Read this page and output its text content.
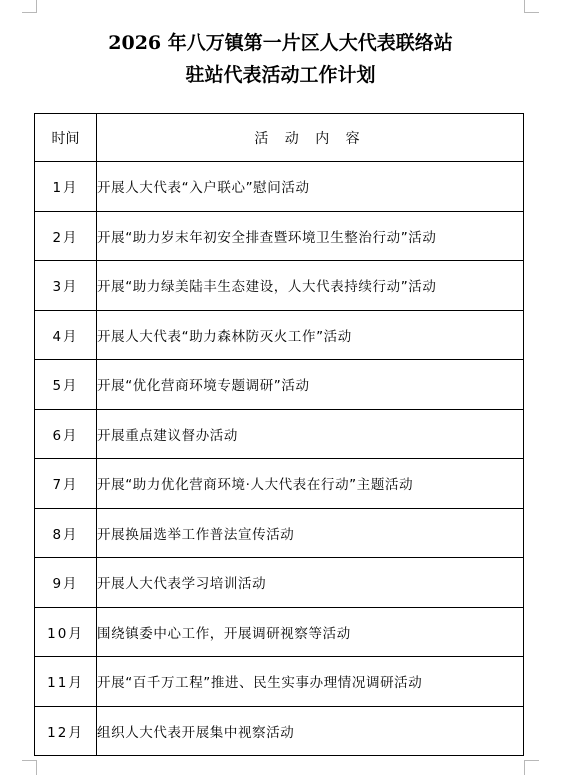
2026 年八万镇第一片区人大代表联络站
驻站代表活动工作计划
时间	活 动 内 容
1月	开展人大代表“入户联心”慰问活动
2月	开展“助力岁末年初安全排查暨环境卫生整治行动”活动
3月	开展“助力绿美陆丰生态建设，人大代表持续行动”活动
4月	开展人大代表“助力森林防灭火工作”活动
5月	开展“优化营商环境专题调研”活动
6月	开展重点建议督办活动
7月	开展“助力优化营商环境·人大代表在行动”主题活动
8月	开展换届选举工作普法宣传活动
9月	开展人大代表学习培训活动
10月	围绕镇委中心工作，开展调研视察等活动
11月	开展“百千万工程”推进、民生实事办理情况调研活动
12月	组织人大代表开展集中视察活动
